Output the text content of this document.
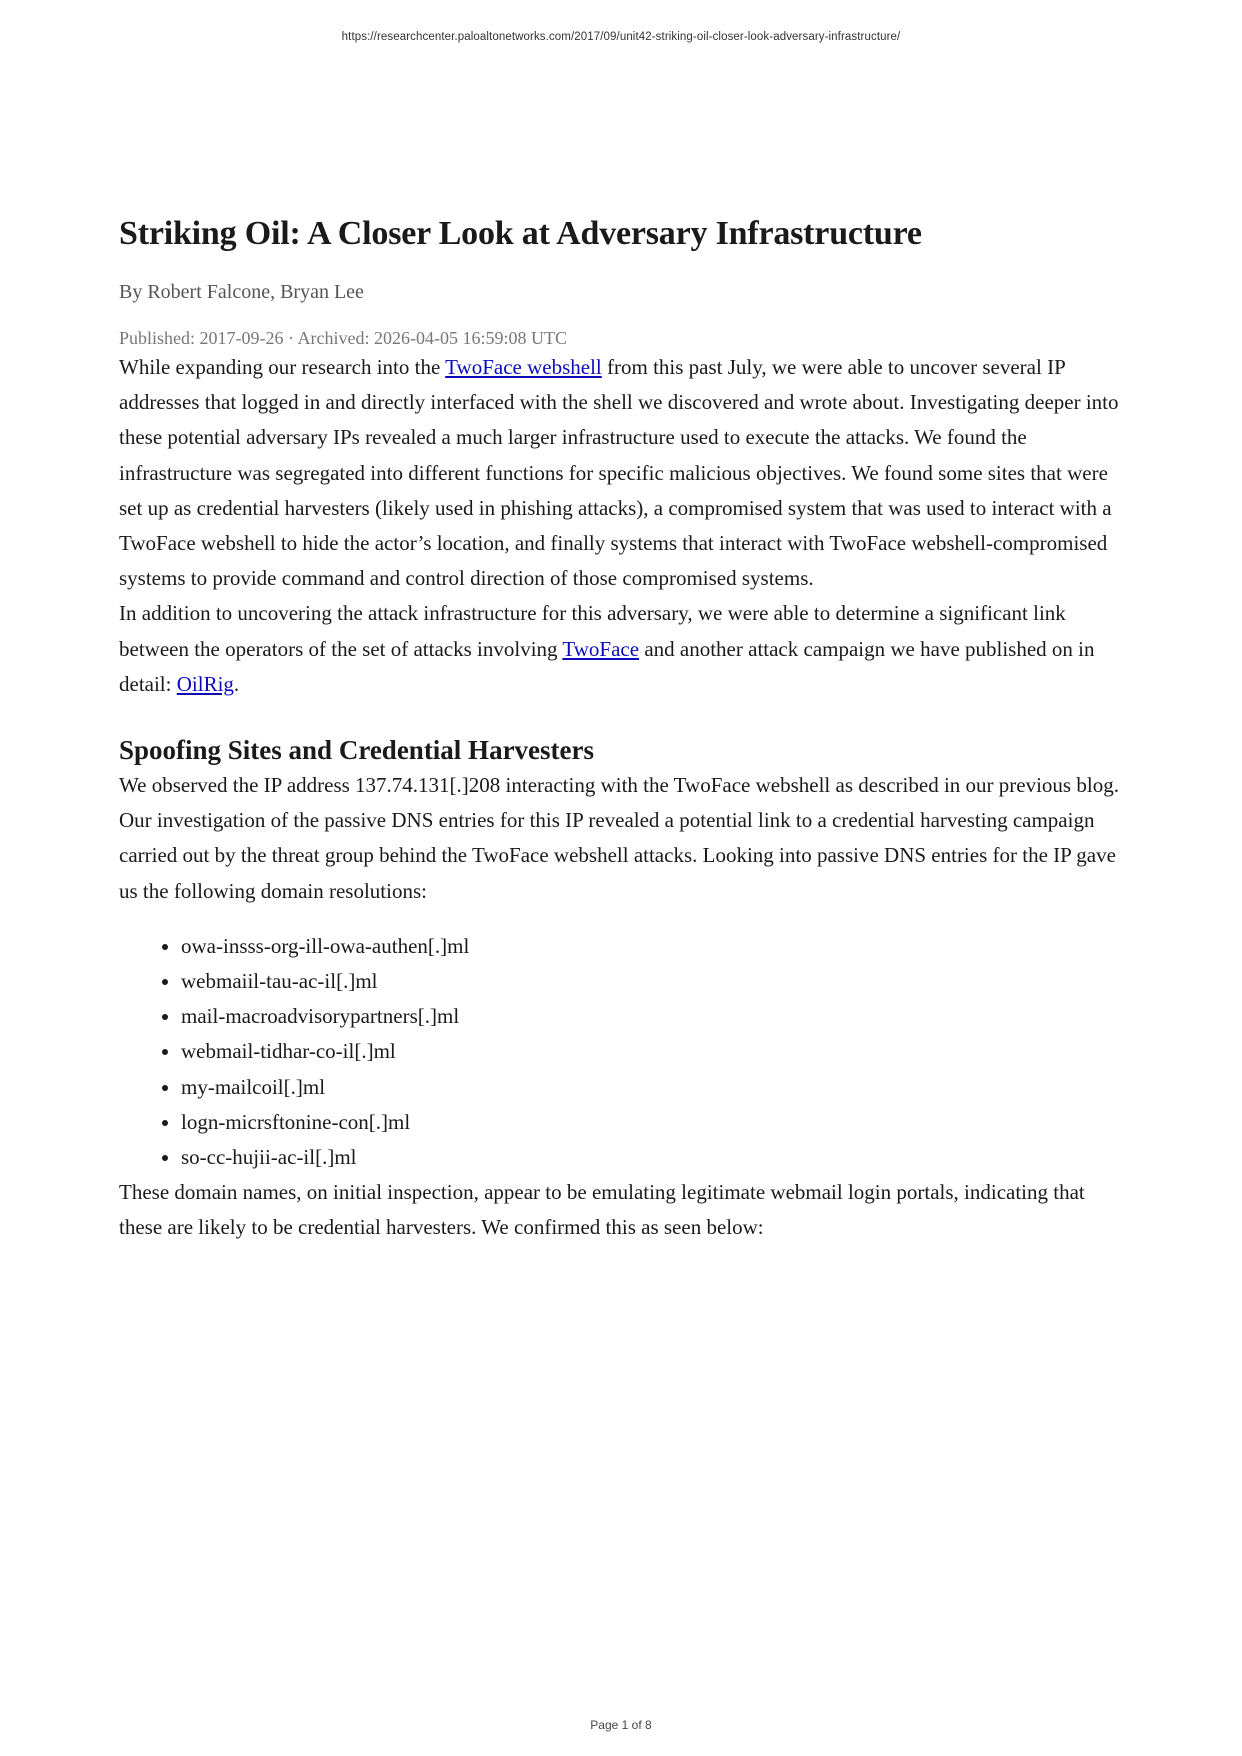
https://researchcenter.paloaltonetworks.com/2017/09/unit42-striking-oil-closer-look-adversary-infrastructure/
Striking Oil: A Closer Look at Adversary Infrastructure
By Robert Falcone, Bryan Lee
Published: 2017-09-26 · Archived: 2026-04-05 16:59:08 UTC

While expanding our research into the TwoFace webshell from this past July, we were able to uncover several IP addresses that logged in and directly interfaced with the shell we discovered and wrote about. Investigating deeper into these potential adversary IPs revealed a much larger infrastructure used to execute the attacks. We found the infrastructure was segregated into different functions for specific malicious objectives. We found some sites that were set up as credential harvesters (likely used in phishing attacks), a compromised system that was used to interact with a TwoFace webshell to hide the actor’s location, and finally systems that interact with TwoFace webshell-compromised systems to provide command and control direction of those compromised systems.

In addition to uncovering the attack infrastructure for this adversary, we were able to determine a significant link between the operators of the set of attacks involving TwoFace and another attack campaign we have published on in detail: OilRig.

Spoofing Sites and Credential Harvesters

We observed the IP address 137.74.131[.]208 interacting with the TwoFace webshell as described in our previous blog. Our investigation of the passive DNS entries for this IP revealed a potential link to a credential harvesting campaign carried out by the threat group behind the TwoFace webshell attacks. Looking into passive DNS entries for the IP gave us the following domain resolutions:

• owa-insss-org-ill-owa-authen[.]ml
• webmaiil-tau-ac-il[.]ml
• mail-macroadvisorypartners[.]ml
• webmail-tidhar-co-il[.]ml
• my-mailcoil[.]ml
• logn-micrsftonine-con[.]ml
• so-cc-hujii-ac-il[.]ml

These domain names, on initial inspection, appear to be emulating legitimate webmail login portals, indicating that these are likely to be credential harvesters. We confirmed this as seen below:

Page 1 of 8
